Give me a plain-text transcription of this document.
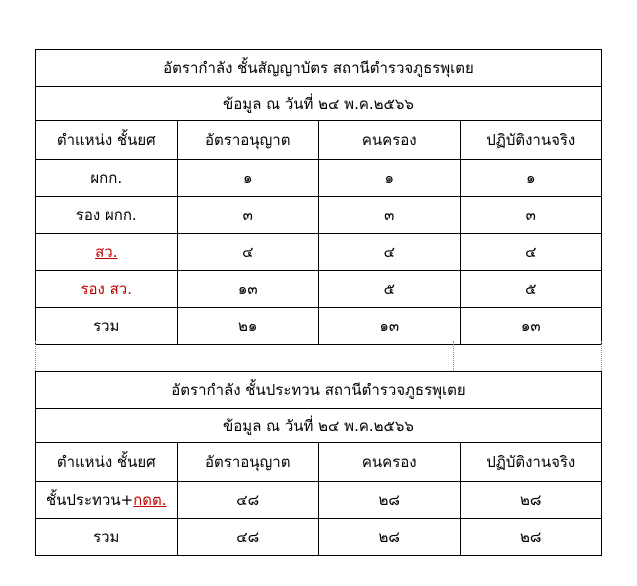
อัตรากำลัง ชั้นสัญญาบัตร สถานีตำรวจภูธรพุเตย			
ข้อมูล ณ วันที่ ๒๔ พ.ค.๒๕๖๖			
ตำแหน่ง ชั้นยศ	อัตราอนุญาต	คนครอง	ปฏิบัติงานจริง
ผกก.	๑	๑	๑
รอง ผกก.	๓	๓	๓
สว.	๔	๔	๔
รอง สว.	๑๓	๕	๕
รวม	๒๑	๑๓	๑๓
อัตรากำลัง ชั้นประทวน สถานีตำรวจภูธรพุเตย			
ข้อมูล ณ วันที่ ๒๔ พ.ค.๒๕๖๖			
ตำแหน่ง ชั้นยศ	อัตราอนุญาต	คนครอง	ปฏิบัติงานจริง
ชั้นประทวน+กดต.	๔๘	๒๘	๒๘
รวม	๔๘	๒๘	๒๘
